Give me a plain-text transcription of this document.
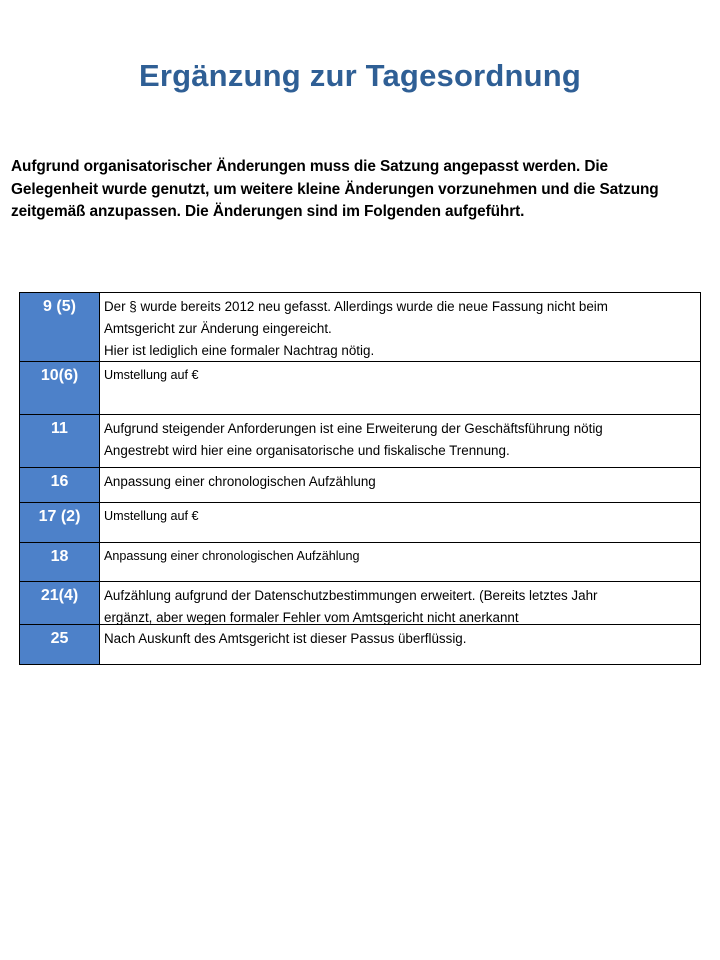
Ergänzung zur Tagesordnung
Aufgrund organisatorischer Änderungen muss die Satzung angepasst werden. Die
Gelegenheit wurde genutzt, um weitere kleine Änderungen vorzunehmen und die Satzung
zeitgemäß anzupassen. Die Änderungen sind im Folgenden aufgeführt.
9 (5)	Der § wurde bereits 2012 neu gefasst. Allerdings wurde die neue Fassung nicht beim
Amtsgericht zur Änderung eingereicht.
Hier ist lediglich eine formaler Nachtrag nötig.
10(6)	Umstellung auf €
11	Aufgrund steigender Anforderungen ist eine Erweiterung der Geschäftsführung nötig
Angestrebt wird hier eine organisatorische und fiskalische Trennung.
16	Anpassung einer chronologischen Aufzählung
17 (2)	Umstellung auf €
18	Anpassung einer chronologischen Aufzählung
21(4)	Aufzählung aufgrund der Datenschutzbestimmungen erweitert. (Bereits letztes Jahr
ergänzt, aber wegen formaler Fehler vom Amtsgericht nicht anerkannt
25	Nach Auskunft des Amtsgericht ist dieser Passus überflüssig.
